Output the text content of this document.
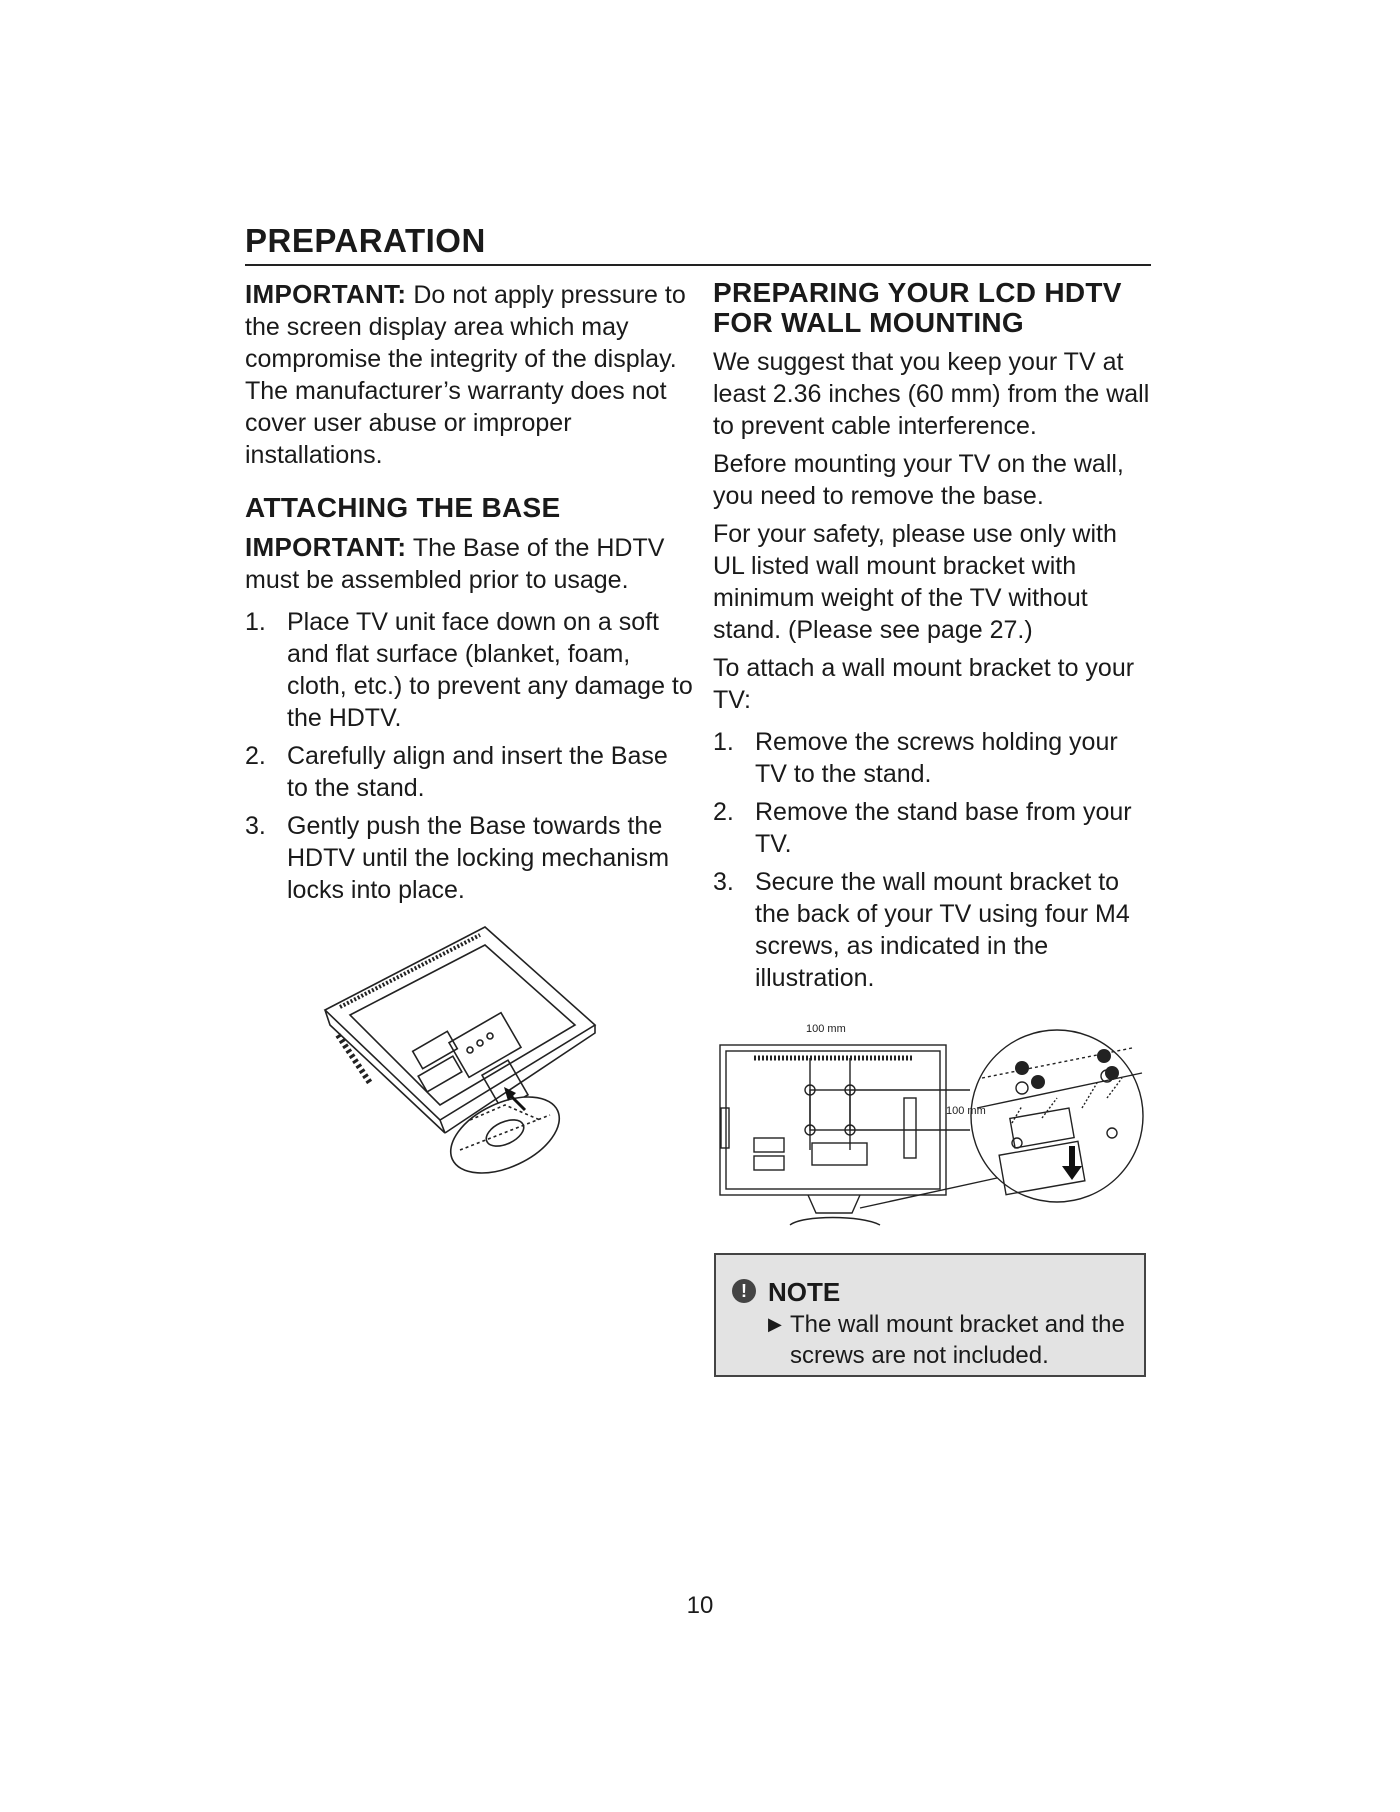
PREPARATION

IMPORTANT: Do not apply pressure to the screen display area which may compromise the integrity of the display. The manufacturer’s warranty does not cover user abuse or improper installations.

ATTACHING THE BASE

IMPORTANT: The Base of the HDTV must be assembled prior to usage.

1. Place TV unit face down on a soft and flat surface (blanket, foam, cloth, etc.) to prevent any damage to the HDTV.
2. Carefully align and insert the Base to the stand.
3. Gently push the Base towards the HDTV until the locking mechanism locks into place.
PREPARING YOUR LCD HDTV FOR WALL MOUNTING

We suggest that you keep your TV at least 2.36 inches (60 mm) from the wall to prevent cable interference.

Before mounting your TV on the wall, you need to remove the base.

For your safety, please use only with UL listed wall mount bracket with minimum weight of the TV without stand. (Please see page 27.)

To attach a wall mount bracket to your TV:

1. Remove the screws holding your TV to the stand.
2. Remove the stand base from your TV.
3. Secure the wall mount bracket to the back of your TV using four M4 screws, as indicated in the illustration.
100 mm
100 mm
! NOTE
▶ The wall mount bracket and the screws are not included.
10
